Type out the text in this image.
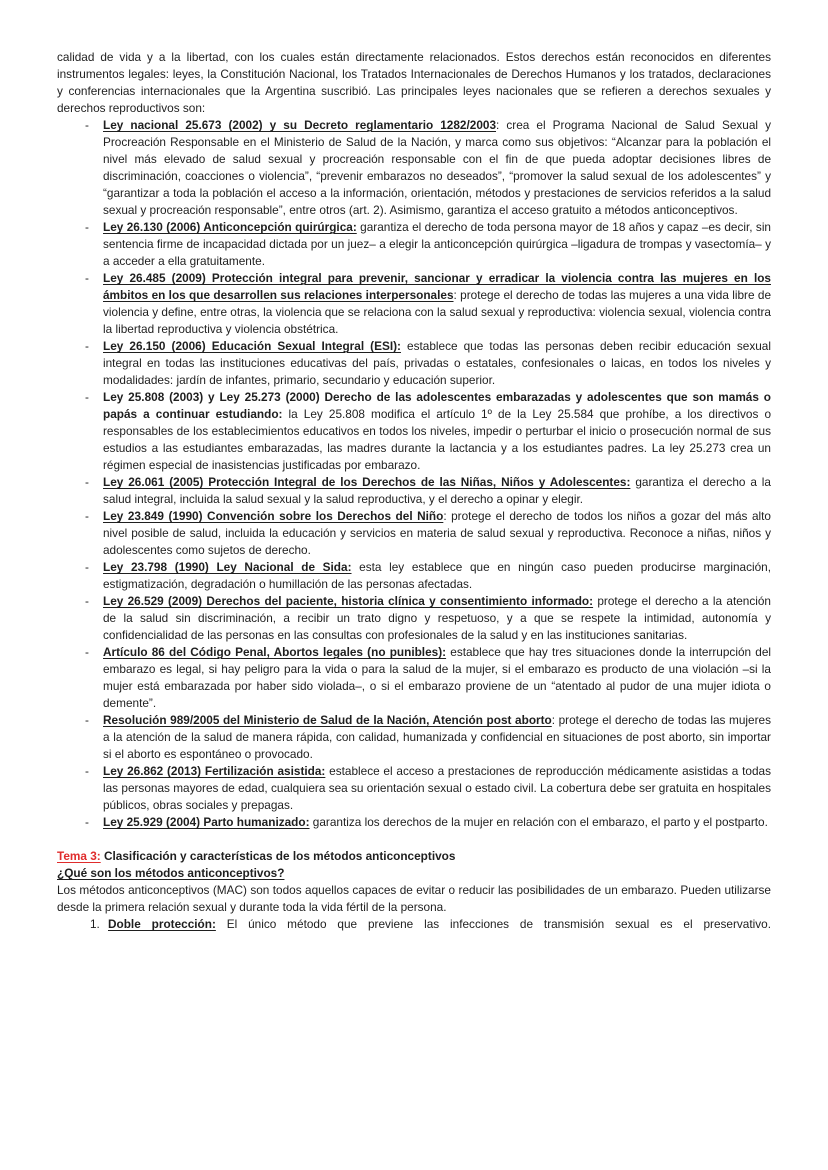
calidad de vida y a la libertad, con los cuales están directamente relacionados. Estos derechos están reconocidos en diferentes instrumentos legales: leyes, la Constitución Nacional, los Tratados Internacionales de Derechos Humanos y los tratados, declaraciones y conferencias internacionales que la Argentina suscribió. Las principales leyes nacionales que se refieren a derechos sexuales y derechos reproductivos son:

- Ley nacional 25.673 (2002) y su Decreto reglamentario 1282/2003: crea el Programa Nacional de Salud Sexual y Procreación Responsable en el Ministerio de Salud de la Nación, y marca como sus objetivos: “Alcanzar para la población el nivel más elevado de salud sexual y procreación responsable con el fin de que pueda adoptar decisiones libres de discriminación, coacciones o violencia”, “prevenir embarazos no deseados”, “promover la salud sexual de los adolescentes” y “garantizar a toda la población el acceso a la información, orientación, métodos y prestaciones de servicios referidos a la salud sexual y procreación responsable”, entre otros (art. 2). Asimismo, garantiza el acceso gratuito a métodos anticonceptivos.
- Ley 26.130 (2006) Anticoncepción quirúrgica: garantiza el derecho de toda persona mayor de 18 años y capaz –es decir, sin sentencia firme de incapacidad dictada por un juez– a elegir la anticoncepción quirúrgica –ligadura de trompas y vasectomía– y a acceder a ella gratuitamente.
- Ley 26.485 (2009) Protección integral para prevenir, sancionar y erradicar la violencia contra las mujeres en los ámbitos en los que desarrollen sus relaciones interpersonales: protege el derecho de todas las mujeres a una vida libre de violencia y define, entre otras, la violencia que se relaciona con la salud sexual y reproductiva: violencia sexual, violencia contra la libertad reproductiva y violencia obstétrica.
- Ley 26.150 (2006) Educación Sexual Integral (ESI): establece que todas las personas deben recibir educación sexual integral en todas las instituciones educativas del país, privadas o estatales, confesionales o laicas, en todos los niveles y modalidades: jardín de infantes, primario, secundario y educación superior.
- Ley 25.808 (2003) y Ley 25.273 (2000) Derecho de las adolescentes embarazadas y adolescentes que son mamás o papás a continuar estudiando: la Ley 25.808 modifica el artículo 1º de la Ley 25.584 que prohíbe, a los directivos o responsables de los establecimientos educativos en todos los niveles, impedir o perturbar el inicio o prosecución normal de sus estudios a las estudiantes embarazadas, las madres durante la lactancia y a los estudiantes padres. La ley 25.273 crea un régimen especial de inasistencias justificadas por embarazo.
- Ley 26.061 (2005) Protección Integral de los Derechos de las Niñas, Niños y Adolescentes: garantiza el derecho a la salud integral, incluida la salud sexual y la salud reproductiva, y el derecho a opinar y elegir.
- Ley 23.849 (1990) Convención sobre los Derechos del Niño: protege el derecho de todos los niños a gozar del más alto nivel posible de salud, incluida la educación y servicios en materia de salud sexual y reproductiva. Reconoce a niñas, niños y adolescentes como sujetos de derecho.
- Ley 23.798 (1990) Ley Nacional de Sida: esta ley establece que en ningún caso pueden producirse marginación, estigmatización, degradación o humillación de las personas afectadas.
- Ley 26.529 (2009) Derechos del paciente, historia clínica y consentimiento informado: protege el derecho a la atención de la salud sin discriminación, a recibir un trato digno y respetuoso, y a que se respete la intimidad, autonomía y confidencialidad de las personas en las consultas con profesionales de la salud y en las instituciones sanitarias.
- Artículo 86 del Código Penal, Abortos legales (no punibles): establece que hay tres situaciones donde la interrupción del embarazo es legal, si hay peligro para la vida o para la salud de la mujer, si el embarazo es producto de una violación –si la mujer está embarazada por haber sido violada–, o si el embarazo proviene de un “atentado al pudor de una mujer idiota o demente”.
- Resolución 989/2005 del Ministerio de Salud de la Nación, Atención post aborto: protege el derecho de todas las mujeres a la atención de la salud de manera rápida, con calidad, humanizada y confidencial en situaciones de post aborto, sin importar si el aborto es espontáneo o provocado.
- Ley 26.862 (2013) Fertilización asistida: establece el acceso a prestaciones de reproducción médicamente asistidas a todas las personas mayores de edad, cualquiera sea su orientación sexual o estado civil. La cobertura debe ser gratuita en hospitales públicos, obras sociales y prepagas.
- Ley 25.929 (2004) Parto humanizado: garantiza los derechos de la mujer en relación con el embarazo, el parto y el postparto.
Tema 3: Clasificación y características de los métodos anticonceptivos
¿Qué son los métodos anticonceptivos?

Los métodos anticonceptivos (MAC) son todos aquellos capaces de evitar o reducir las posibilidades de un embarazo. Pueden utilizarse desde la primera relación sexual y durante toda la vida fértil de la persona.

1. Doble protección: El único método que previene las infecciones de transmisión sexual es el preservativo.
